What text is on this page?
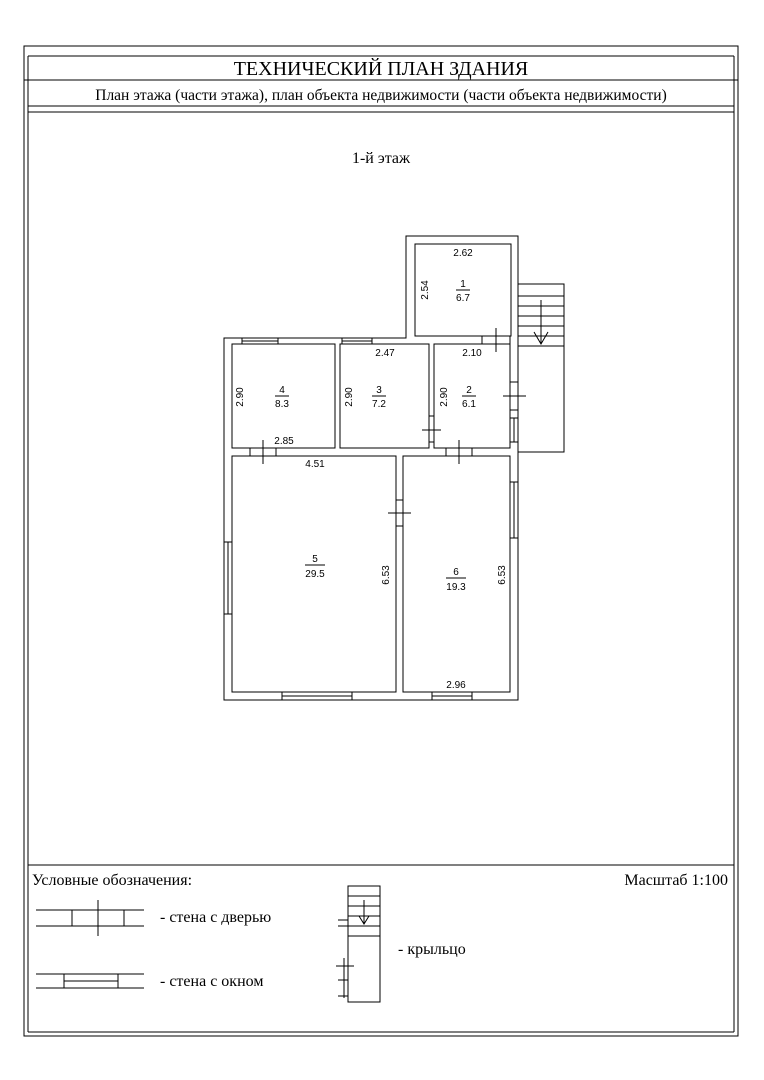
ТЕХНИЧЕСКИЙ ПЛАН ЗДАНИЯ
План этажа (части этажа), план объекта недвижимости (части объекта недвижимости)
1-й этаж
1
6.7
2.62
2.54
2
6.1
2.10
2.90
3
7.2
2.47
2.90
4
8.3
2.85
2.90
5
29.5
4.51
6.53	6
19.3
2.96
6.53
Условные обозначения:	Масштаб 1:100
- стена с дверью
- стена с окном
- крыльцо
